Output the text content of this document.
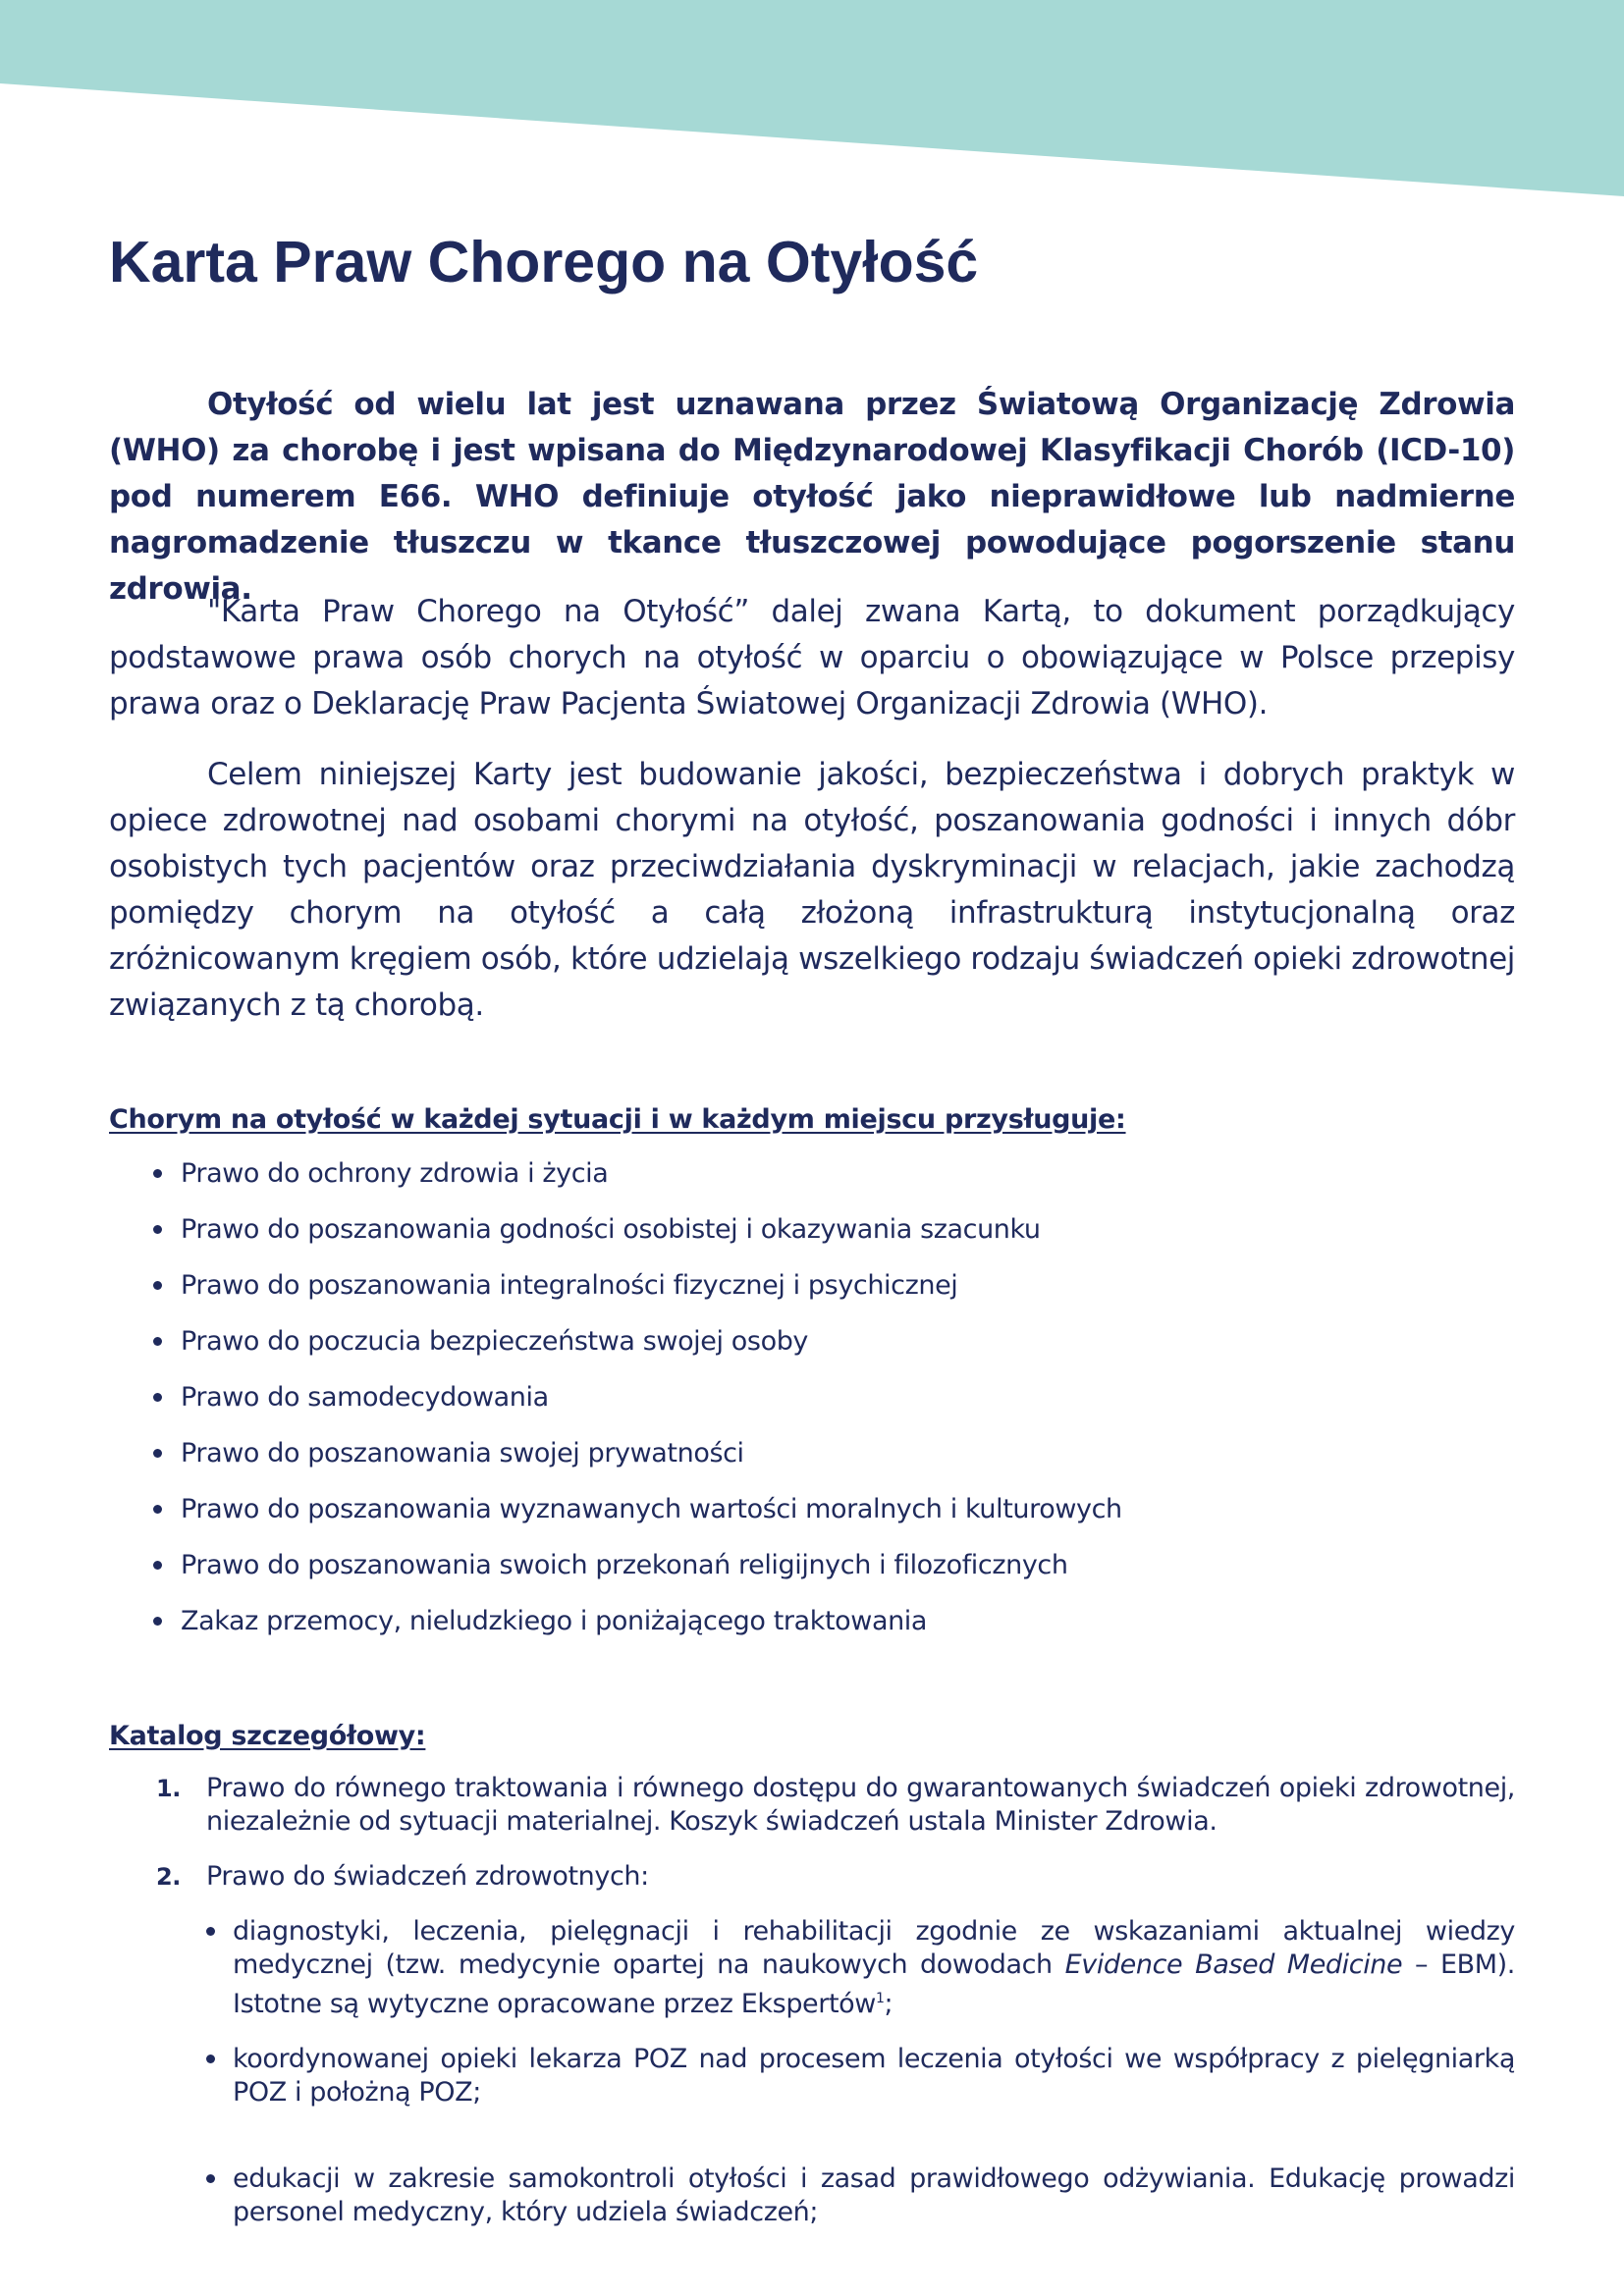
Karta Praw Chorego na Otyłość

Otyłość od wielu lat jest uznawana przez Światową Organizację Zdrowia (WHO) za chorobę i jest wpisana do Międzynarodowej Klasyfikacji Chorób (ICD-10) pod numerem E66. WHO definiuje otyłość jako nieprawidłowe lub nadmierne nagromadzenie tłuszczu w tkance tłuszczowej powodujące pogorszenie stanu zdrowia.

"Karta Praw Chorego na Otyłość” dalej zwana Kartą, to dokument porządkujący podstawowe prawa osób chorych na otyłość w oparciu o obowiązujące w Polsce przepisy prawa oraz o Deklarację Praw Pacjenta Światowej Organizacji Zdrowia (WHO).

Celem niniejszej Karty jest budowanie jakości, bezpieczeństwa i dobrych praktyk w opiece zdrowotnej nad osobami chorymi na otyłość, poszanowania godności i innych dóbr osobistych tych pacjentów oraz przeciwdziałania dyskryminacji w relacjach, jakie zachodzą pomiędzy chorym na otyłość a całą złożoną infrastrukturą instytucjonalną oraz zróżnicowanym kręgiem osób, które udzielają wszelkiego rodzaju świadczeń opieki zdrowotnej związanych z tą chorobą.

Chorym na otyłość w każdej sytuacji i w każdym miejscu przysługuje:
Prawo do ochrony zdrowia i życia
Prawo do poszanowania godności osobistej i okazywania szacunku
Prawo do poszanowania integralności fizycznej i psychicznej
Prawo do poczucia bezpieczeństwa swojej osoby
Prawo do samodecydowania
Prawo do poszanowania swojej prywatności
Prawo do poszanowania wyznawanych wartości moralnych i kulturowych
Prawo do poszanowania swoich przekonań religijnych i filozoficznych
Zakaz przemocy, nieludzkiego i poniżającego traktowania
Katalog szczegółowy:
1. Prawo do równego traktowania i równego dostępu do gwarantowanych świadczeń opieki zdrowotnej, niezależnie od sytuacji materialnej. Koszyk świadczeń ustala Minister Zdrowia.
2. Prawo do świadczeń zdrowotnych:
diagnostyki, leczenia, pielęgnacji i rehabilitacji zgodnie ze wskazaniami aktualnej wiedzy medycznej (tzw. medycynie opartej na naukowych dowodach Evidence Based Medicine – EBM). Istotne są wytyczne opracowane przez Ekspertów$^1$;
koordynowanej opieki lekarza POZ nad procesem leczenia otyłości we współpracy z pielęgniarką POZ i położną POZ;
edukacji w zakresie samokontroli otyłości i zasad prawidłowego odżywiania. Edukację prowadzi personel medyczny, który udziela świadczeń;
